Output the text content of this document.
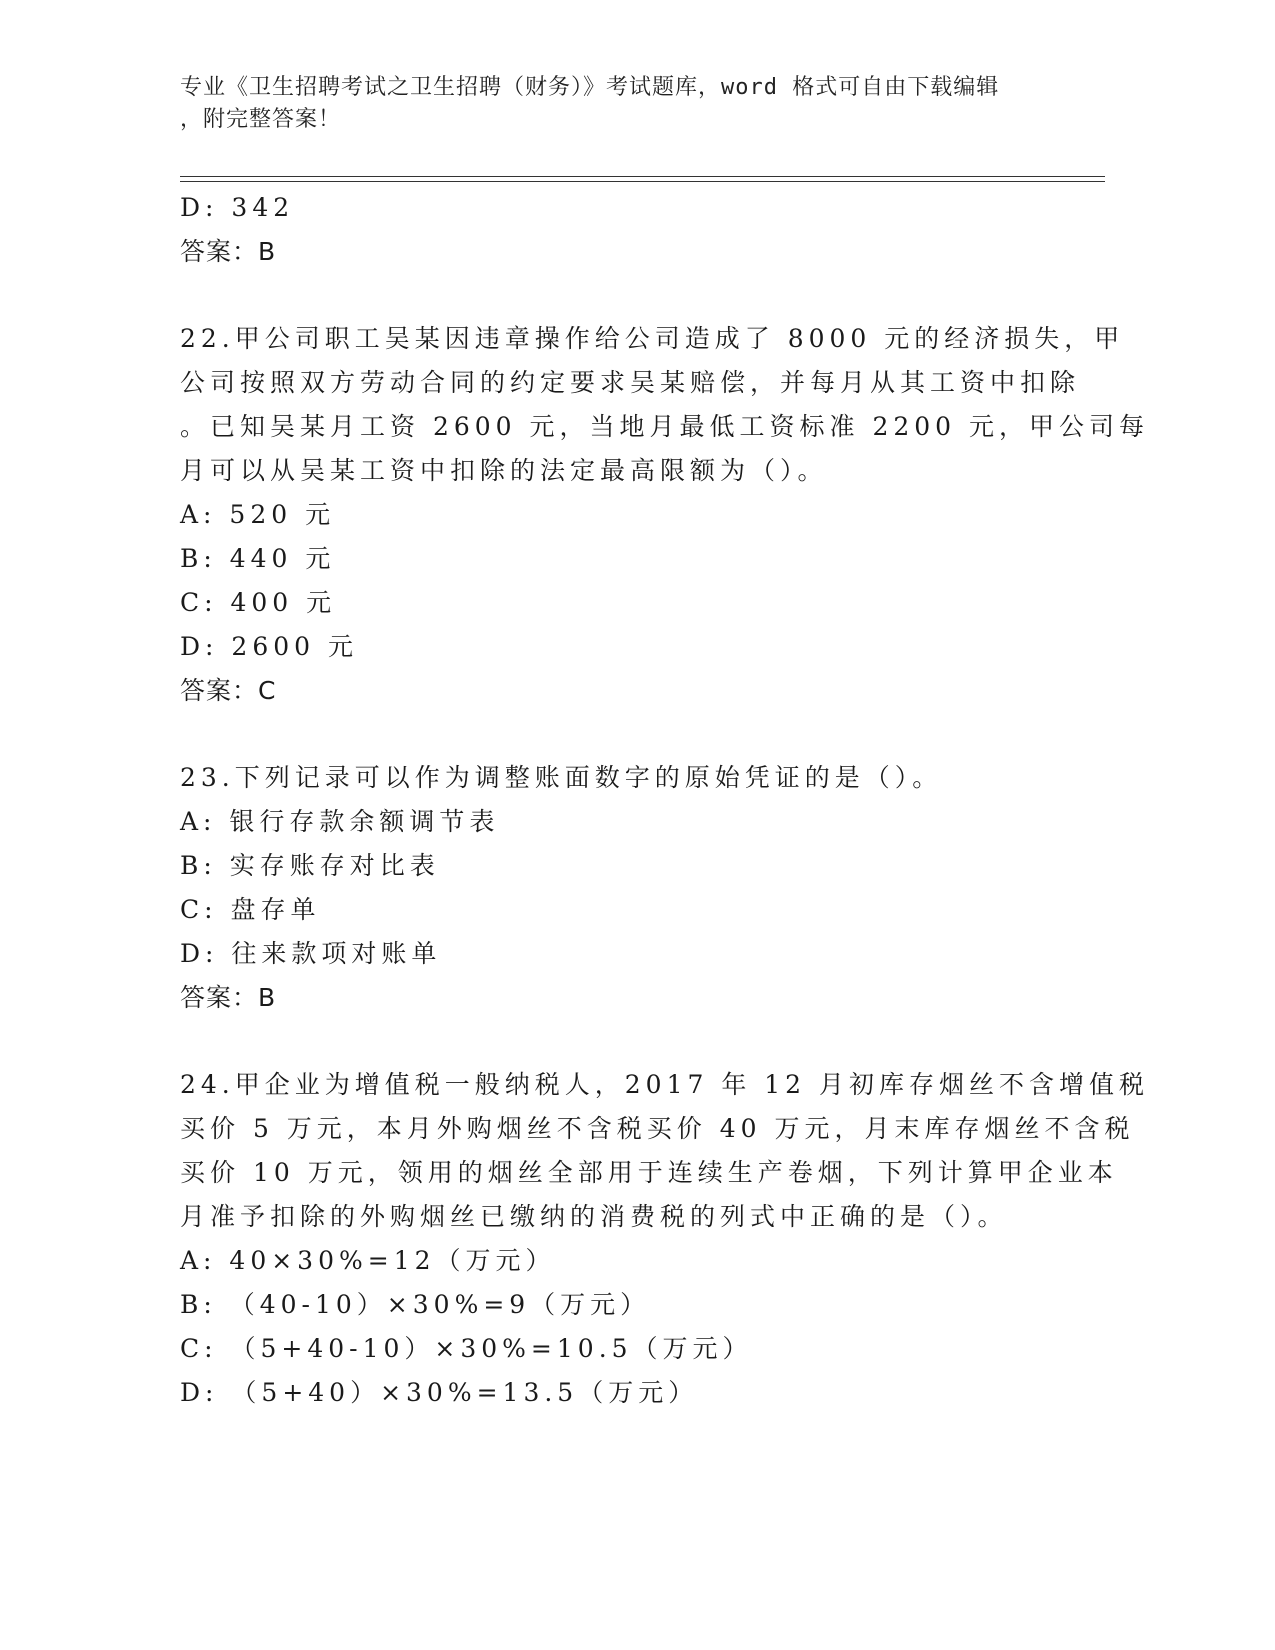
专业《卫生招聘考试之卫生招聘（财务）》考试题库，word 格式可自由下载编辑
，附完整答案！
D: 342
答案：B
22.甲公司职工吴某因违章操作给公司造成了 8000 元的经济损失，甲
公司按照双方劳动合同的约定要求吴某赔偿，并每月从其工资中扣除
。已知吴某月工资 2600 元，当地月最低工资标准 2200 元，甲公司每
月可以从吴某工资中扣除的法定最高限额为（）。
A: 520 元
B: 440 元
C: 400 元
D: 2600 元
答案：C
23.下列记录可以作为调整账面数字的原始凭证的是（）。
A: 银行存款余额调节表
B: 实存账存对比表
C: 盘存单
D: 往来款项对账单
答案：B
24.甲企业为增值税一般纳税人，2017 年 12 月初库存烟丝不含增值税
买价 5 万元，本月外购烟丝不含税买价 40 万元，月末库存烟丝不含税
买价 10 万元，领用的烟丝全部用于连续生产卷烟，下列计算甲企业本
月准予扣除的外购烟丝已缴纳的消费税的列式中正确的是（）。
A: 40×30%=12（万元）
B: （40-10）×30%=9（万元）
C: （5+40-10）×30%=10.5（万元）
D: （5+40）×30%=13.5（万元）
